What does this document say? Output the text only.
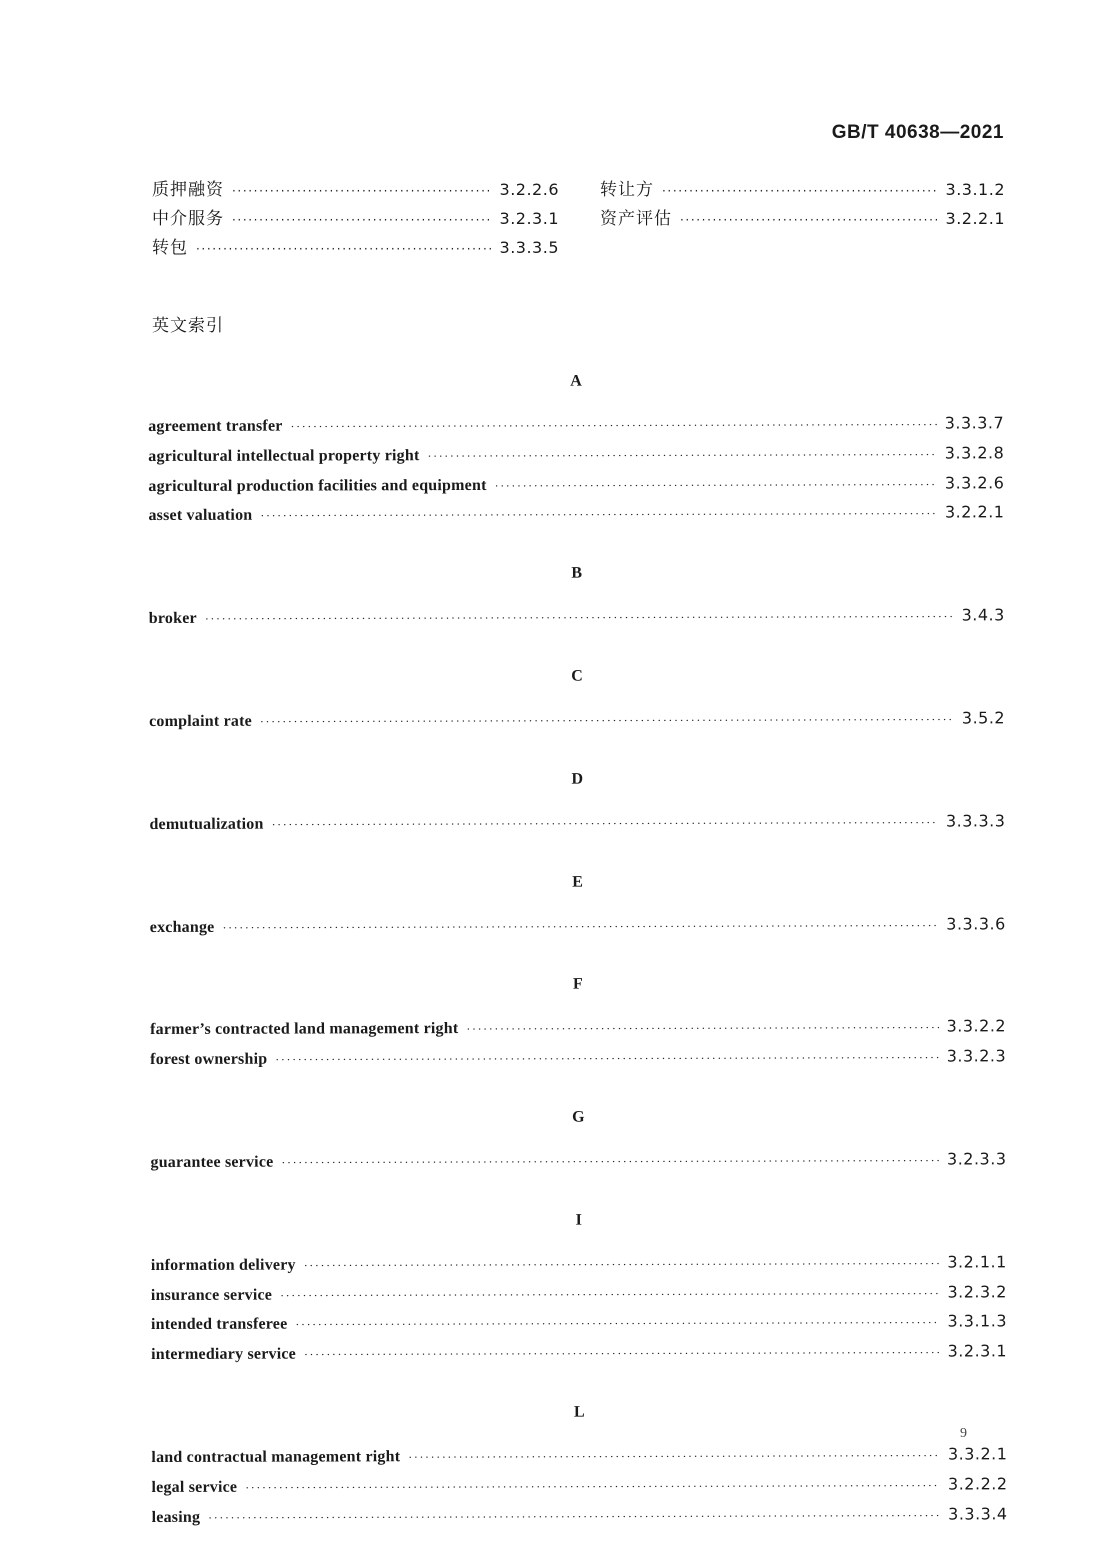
GB/T 40638—2021
质押融资 ·····	3.2.2.6
中介服务 ·····	3.2.3.1
转包 ·····	3.3.3.5
转让方 ·····	3.3.1.2
资产评估 ·····	3.2.2.1
英文索引
A
agreement transfer ·····	3.3.3.7
agricultural intellectual property right ·····	3.3.2.8
agricultural production facilities and equipment ·····	3.3.2.6
asset valuation ·····	3.2.2.1
B
broker ·····	3.4.3
C
complaint rate ·····	3.5.2
D
demutualization ·····	3.3.3.3
E
exchange ·····	3.3.3.6
F
farmer’s contracted land management right ·····	3.3.2.2
forest ownership ·····	3.3.2.3
G
guarantee service ·····	3.2.3.3
I
information delivery ·····	3.2.1.1
insurance service ·····	3.2.3.2
intended transferee ·····	3.3.1.3
intermediary service ·····	3.2.3.1
L
land contractual management right ·····	3.3.2.1
legal service ·····	3.2.2.2
leasing ·····	3.3.3.4
9
